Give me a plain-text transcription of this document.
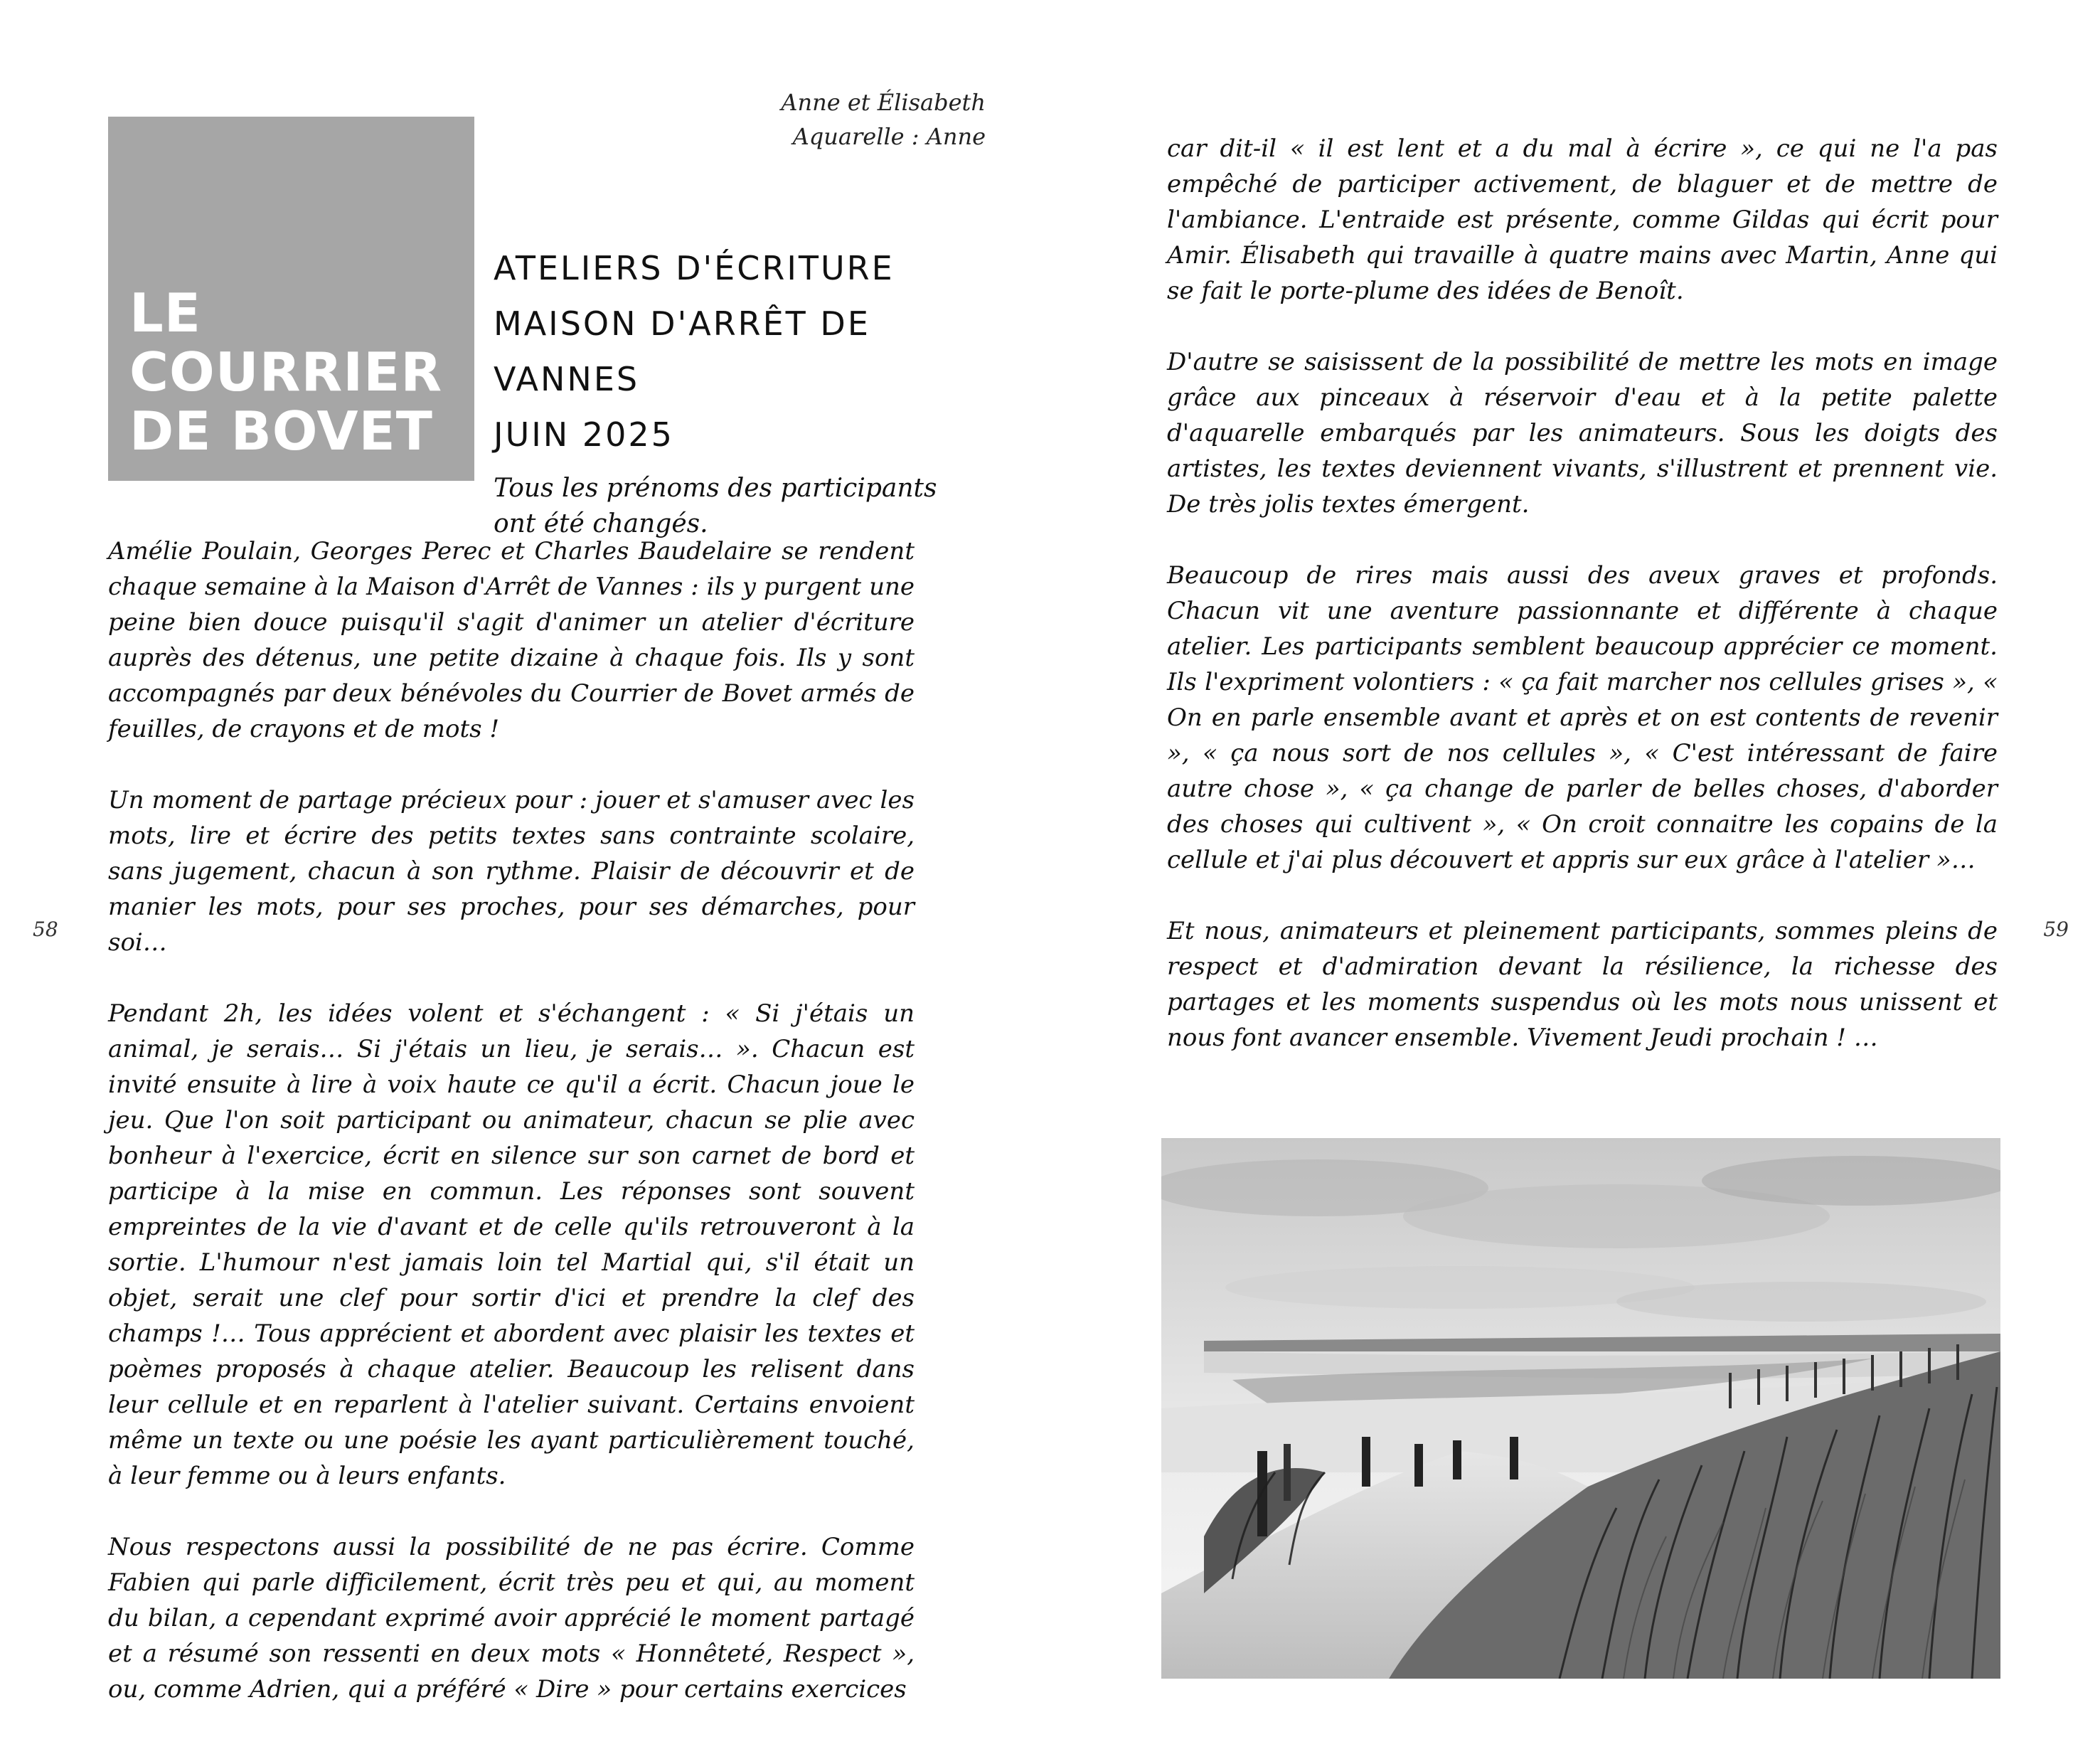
Anne et Élisabeth
Aquarelle : Anne
LE
COURRIER
DE BOVET
ATELIERS D'ÉCRITURE
MAISON D'ARRÊT DE VANNES
JUIN 2025
Tous les prénoms des participants ont été changés.

Amélie Poulain, Georges Perec et Charles Baudelaire se rendent chaque semaine à la Maison d'Arrêt de Vannes : ils y purgent une peine bien douce puisqu'il s'agit d'animer un atelier d'écriture auprès des détenus, une petite dizaine à chaque fois. Ils y sont accompagnés par deux bénévoles du Courrier de Bovet armés de feuilles, de crayons et de mots !

Un moment de partage précieux pour : jouer et s'amuser avec les mots, lire et écrire des petits textes sans contrainte scolaire, sans jugement, chacun à son rythme. Plaisir de découvrir et de manier les mots, pour ses proches, pour ses démarches, pour soi…

Pendant 2h, les idées volent et s'échangent : « Si j'étais un animal, je serais… Si j'étais un lieu, je serais… ». Chacun est invité ensuite à lire à voix haute ce qu'il a écrit. Chacun joue le jeu. Que l'on soit participant ou animateur, chacun se plie avec bonheur à l'exercice, écrit en silence sur son carnet de bord et participe à la mise en commun. Les réponses sont souvent empreintes de la vie d'avant et de celle qu'ils retrouveront à la sortie. L'humour n'est jamais loin tel Martial qui, s'il était un objet, serait une clef pour sortir d'ici et prendre la clef des champs !… Tous apprécient et abordent avec plaisir les textes et poèmes proposés à chaque atelier. Beaucoup les relisent dans leur cellule et en reparlent à l'atelier suivant. Certains envoient même un texte ou une poésie les ayant particulièrement touché, à leur femme ou à leurs enfants.

Nous respectons aussi la possibilité de ne pas écrire. Comme Fabien qui parle difficilement, écrit très peu et qui, au moment du bilan, a cependant exprimé avoir apprécié le moment partagé et a résumé son ressenti en deux mots « Honnêteté, Respect », ou, comme Adrien, qui a préféré « Dire » pour certains exercices

58

car dit-il « il est lent et a du mal à écrire », ce qui ne l'a pas empêché de participer activement, de blaguer et de mettre de l'ambiance. L'entraide est présente, comme Gildas qui écrit pour Amir. Élisabeth qui travaille à quatre mains avec Martin, Anne qui se fait le porte-plume des idées de Benoît.

D'autre se saisissent de la possibilité de mettre les mots en image grâce aux pinceaux à réservoir d'eau et à la petite palette d'aquarelle embarqués par les animateurs. Sous les doigts des artistes, les textes deviennent vivants, s'illustrent et prennent vie. De très jolis textes émergent.

Beaucoup de rires mais aussi des aveux graves et profonds. Chacun vit une aventure passionnante et différente à chaque atelier. Les participants semblent beaucoup apprécier ce moment. Ils l'expriment volontiers : « ça fait marcher nos cellules grises », « On en parle ensemble avant et après et on est contents de revenir », « ça nous sort de nos cellules », « C'est intéressant de faire autre chose », « ça change de parler de belles choses, d'aborder des choses qui cultivent », « On croit connaitre les copains de la cellule et j'ai plus découvert et appris sur eux grâce à l'atelier »…

Et nous, animateurs et pleinement participants, sommes pleins de respect et d'admiration devant la résilience, la richesse des partages et les moments suspendus où les mots nous unissent et nous font avancer ensemble. Vivement Jeudi prochain ! …

59
